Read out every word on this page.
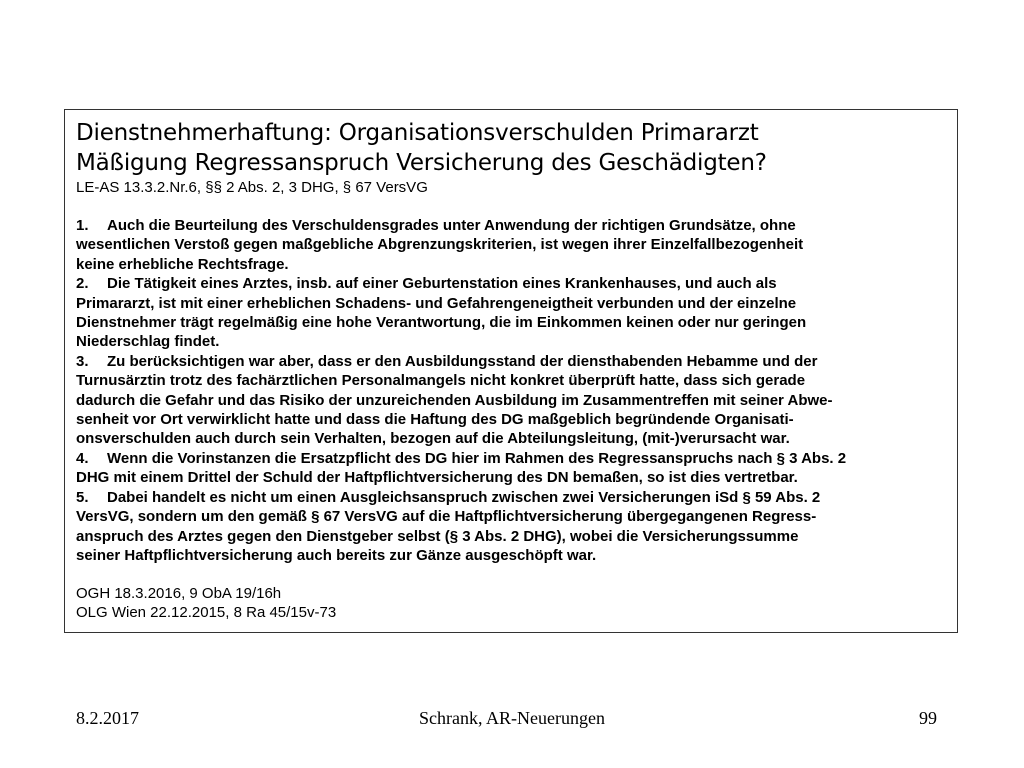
Dienstnehmerhaftung: Organisationsverschulden Primararzt
Mäßigung Regressanspruch Versicherung des Geschädigten?
LE-AS 13.3.2.Nr.6, §§ 2 Abs. 2, 3 DHG, § 67 VersVG
1. Auch die Beurteilung des Verschuldensgrades unter Anwendung der richtigen Grundsätze, ohne
wesentlichen Verstoß gegen maßgebliche Abgrenzungskriterien, ist wegen ihrer Einzelfallbezogenheit
keine erhebliche Rechtsfrage.
2. Die Tätigkeit eines Arztes, insb. auf einer Geburtenstation eines Krankenhauses, und auch als
Primararzt, ist mit einer erheblichen Schadens- und Gefahrengeneigtheit verbunden und der einzelne
Dienstnehmer trägt regelmäßig eine hohe Verantwortung, die im Einkommen keinen oder nur geringen
Niederschlag findet.
3. Zu berücksichtigen war aber, dass er den Ausbildungsstand der diensthabenden Hebamme und der
Turnusärztin trotz des fachärztlichen Personalmangels nicht konkret überprüft hatte, dass sich gerade
dadurch die Gefahr und das Risiko der unzureichenden Ausbildung im Zusammentreffen mit seiner Abwe-
senheit vor Ort verwirklicht hatte und dass die Haftung des DG maßgeblich begründende Organisati-
onsverschulden auch durch sein Verhalten, bezogen auf die Abteilungsleitung, (mit-)verursacht war.
4. Wenn die Vorinstanzen die Ersatzpflicht des DG hier im Rahmen des Regressanspruchs nach § 3 Abs. 2
DHG mit einem Drittel der Schuld der Haftpflichtversicherung des DN bemaßen, so ist dies vertretbar.
5. Dabei handelt es nicht um einen Ausgleichsanspruch zwischen zwei Versicherungen iSd § 59 Abs. 2
VersVG, sondern um den gemäß § 67 VersVG auf die Haftpflichtversicherung übergegangenen Regress-
anspruch des Arztes gegen den Dienstgeber selbst (§ 3 Abs. 2 DHG), wobei die Versicherungssumme
seiner Haftpflichtversicherung auch bereits zur Gänze ausgeschöpft war.
OGH 18.3.2016, 9 ObA 19/16h
OLG Wien 22.12.2015, 8 Ra 45/15v-73
8.2.2017	Schrank, AR-Neuerungen	99
